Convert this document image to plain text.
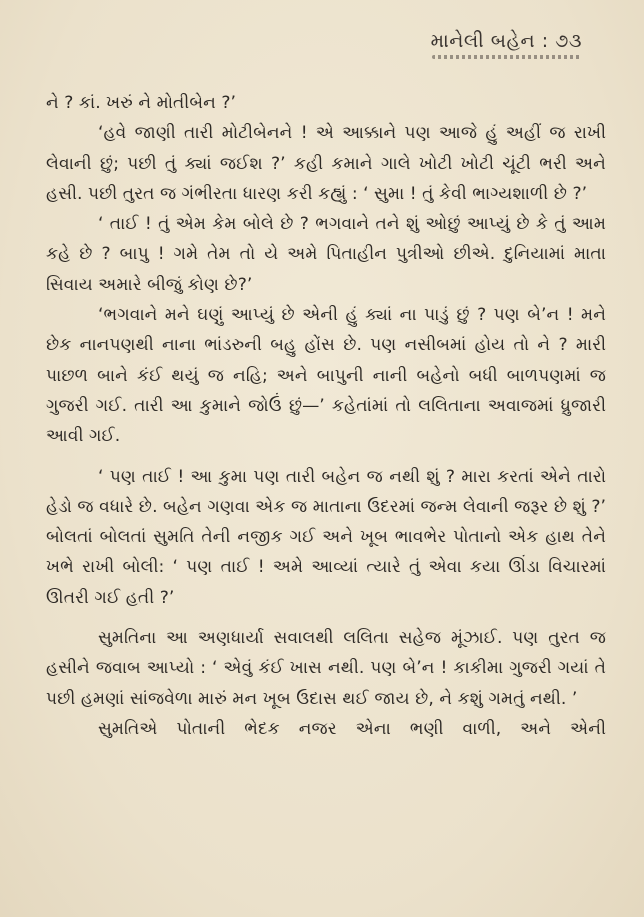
માનેલી બહેન : ૭૩

ને ? કાં. ખરું ને મોતીબેન ?’

‘હવે જાણી તારી મોટીબેનને ! એ આક્કાને પણ આજે હું અહીં જ રાખી લેવાની છું; પછી તું ક્યાં જઈશ ?’ કહી કમાને ગાલે ખોટી ખોટી ચૂંટી ભરી અને હસી. પછી તુરત જ ગંભીરતા ધારણ કરી કહ્યું : ‘ સુમા ! તું કેવી ભાગ્યશાળી છે ?’

‘ તાઈ ! તું એમ કેમ બોલે છે ? ભગવાને તને શું ઓછું આપ્યું છે કે તું આમ કહે છે ? બાપુ ! ગમે તેમ તો યે અમે પિતાહીન પુત્રીઓ છીએ. દુનિયામાં માતા સિવાય અમારે બીજું કોણ છે?’

‘ભગવાને મને ઘણું આપ્યું છે એની હું ક્યાં ના પાડું છું ? પણ બે’ન ! મને છેક નાનપણથી નાના ભાંડરુની બહુ હોંસ છે. પણ નસીબમાં હોય તો ને ? મારી પાછળ બાને કંઈ થયું જ નહિ; અને બાપુની નાની બહેનો બધી બાળપણમાં જ ગુજરી ગઈ. તારી આ કુમાને જોઉં છું—’ કહેતાંમાં તો લલિતાના અવાજમાં ધ્રુજારી આવી ગઈ.

‘ પણ તાઈ ! આ કુમા પણ તારી બહેન જ નથી શું ? મારા કરતાં એને તારો હેડો જ વધારે છે. બહેન ગણવા એક જ માતાના ઉદરમાં જન્મ લેવાની જરૂર છે શું ?’ બોલતાં બોલતાં સુમતિ તેની નજીક ગઈ અને ખૂબ ભાવભેર પોતાનો એક હાથ તેને ખભે રાખી બોલી: ‘ પણ તાઈ ! અમે આવ્યાં ત્યારે તું એવા કયા ઊંડા વિચારમાં ઊતરી ગઈ હતી ?’

સુમતિના આ અણધાર્યા સવાલથી લલિતા સહેજ મૂંઝાઈ. પણ તુરત જ હસીને જવાબ આપ્યો : ‘ એવું કંઈ ખાસ નથી. પણ બે’ન ! કાકીમા ગુજરી ગયાં તે પછી હમણાં સાંજવેળા મારું મન ખૂબ ઉદાસ થઈ જાય છે, ને કશું ગમતું નથી. ’

સુમતિએ પોતાની ભેદક નજર એના ભણી વાળી, અને એની
